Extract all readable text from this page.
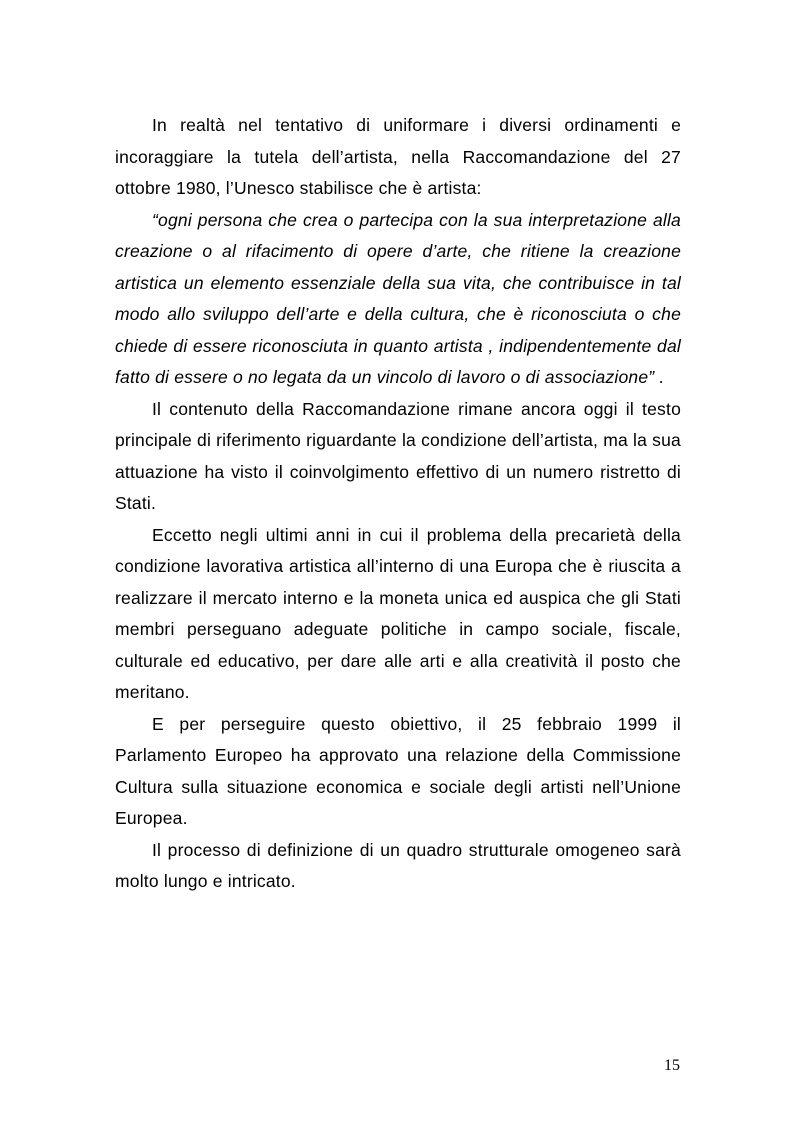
In realtà nel tentativo di uniformare i diversi ordinamenti e incoraggiare la tutela dell’artista, nella Raccomandazione del 27 ottobre 1980, l’Unesco stabilisce che è artista:

“ogni persona che crea o partecipa con la sua interpretazione alla creazione o al rifacimento di opere d’arte, che ritiene la creazione artistica un elemento essenziale della sua vita, che contribuisce in tal modo allo sviluppo dell’arte e della cultura, che è riconosciuta o che chiede di essere riconosciuta in quanto artista , indipendentemente dal fatto di essere o no legata da un vincolo di lavoro o di associazione” .

Il contenuto della Raccomandazione rimane ancora oggi il testo principale di riferimento riguardante la condizione dell’artista, ma la sua attuazione ha visto il coinvolgimento effettivo di un numero ristretto di Stati.

Eccetto negli ultimi anni in cui il problema della precarietà della condizione lavorativa artistica all’interno di una Europa che è riuscita a realizzare il mercato interno e la moneta unica ed auspica che gli Stati membri perseguano adeguate politiche in campo sociale, fiscale, culturale ed educativo, per dare alle arti e alla creatività il posto che meritano.

E per perseguire questo obiettivo, il 25 febbraio 1999 il Parlamento Europeo ha approvato una relazione della Commissione Cultura sulla situazione economica e sociale degli artisti nell’Unione Europea.

Il processo di definizione di un quadro strutturale omogeneo sarà molto lungo e intricato.

15
